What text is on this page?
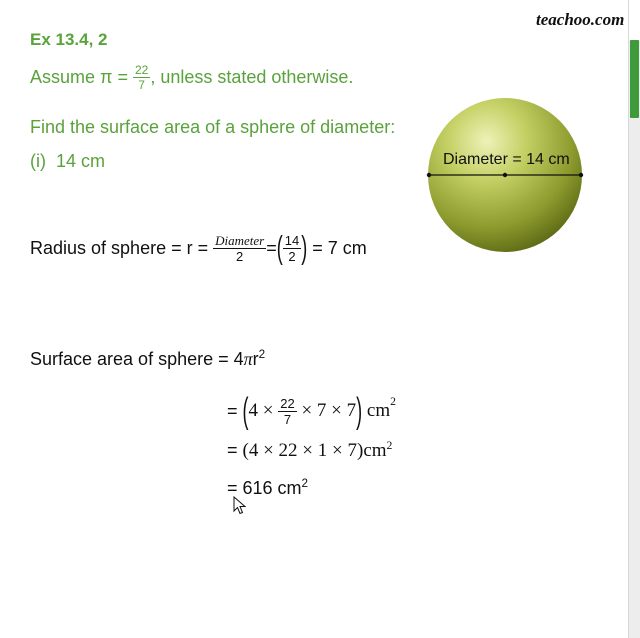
teachoo.com
Ex 13.4, 2
Assume $\pi = \frac{22}{7}$ , unless stated otherwise.
Find the surface area of a sphere of diameter:
(i)  14 cm	Diameter = 14 cm
Radius of sphere = $r = \frac{\text{Diameter}}{2}$ = ( $\frac{14}{2}$ ) = 7 cm
Surface area of sphere = $4\pi r^2$
= ( $4 \times \frac{22}{7} \times 7 \times 7$ ) $cm^2$
= $(4 \times 22 \times 1 \times 7)cm^2$
= 616 $cm^2$
